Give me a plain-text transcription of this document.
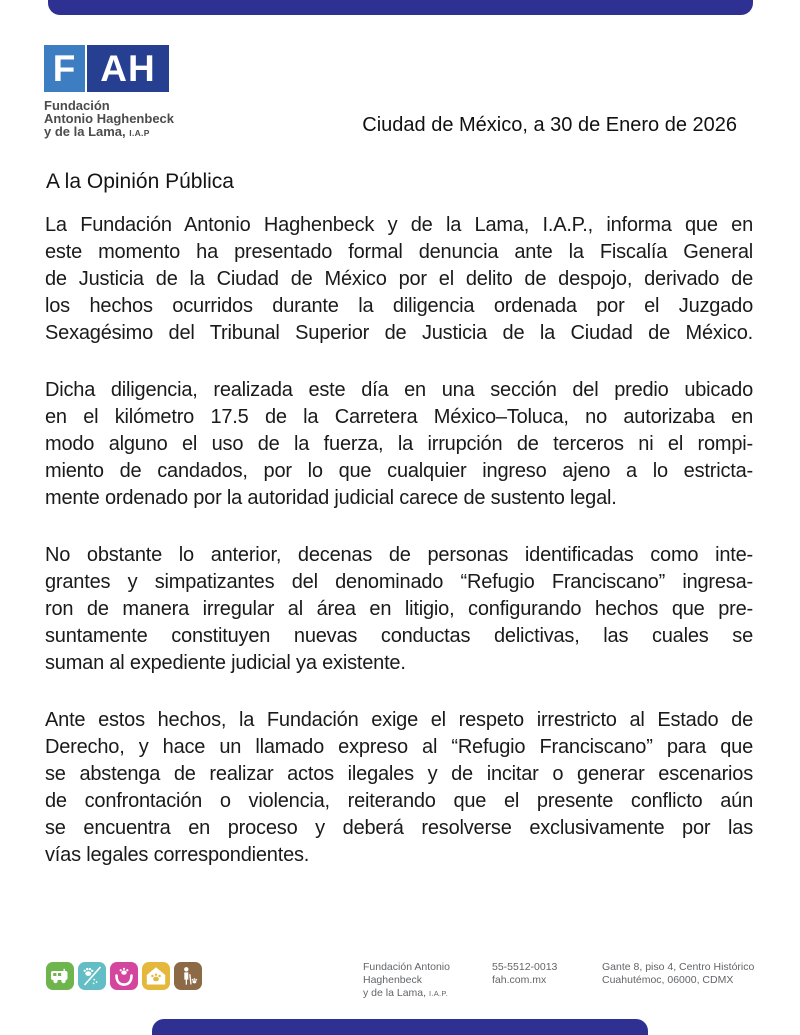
F AH
Fundación
Antonio Haghenbeck
y de la Lama, I.A.P	Ciudad de México, a 30 de Enero de 2026
A la Opinión Pública
La Fundación Antonio Haghenbeck y de la Lama, I.A.P., informa que en
este momento ha presentado formal denuncia ante la Fiscalía General
de Justicia de la Ciudad de México por el delito de despojo, derivado de
los hechos ocurridos durante la diligencia ordenada por el Juzgado
Sexagésimo del Tribunal Superior de Justicia de la Ciudad de México.
Dicha diligencia, realizada este día en una sección del predio ubicado
en el kilómetro 17.5 de la Carretera México–Toluca, no autorizaba en
modo alguno el uso de la fuerza, la irrupción de terceros ni el rompi-
miento de candados, por lo que cualquier ingreso ajeno a lo estricta-
mente ordenado por la autoridad judicial carece de sustento legal.
No obstante lo anterior, decenas de personas identificadas como inte-
grantes y simpatizantes del denominado “Refugio Franciscano” ingresa-
ron de manera irregular al área en litigio, configurando hechos que pre-
suntamente constituyen nuevas conductas delictivas, las cuales se
suman al expediente judicial ya existente.
Ante estos hechos, la Fundación exige el respeto irrestricto al Estado de
Derecho, y hace un llamado expreso al “Refugio Franciscano” para que
se abstenga de realizar actos ilegales y de incitar o generar escenarios
de confrontación o violencia, reiterando que el presente conflicto aún
se encuentra en proceso y deberá resolverse exclusivamente por las
vías legales correspondientes.
Fundación Antonio
Haghenbeck
y de la Lama, I.A.P.
55-5512-0013
fah.com.mx
Gante 8, piso 4, Centro Histórico
Cuahutémoc, 06000, CDMX
